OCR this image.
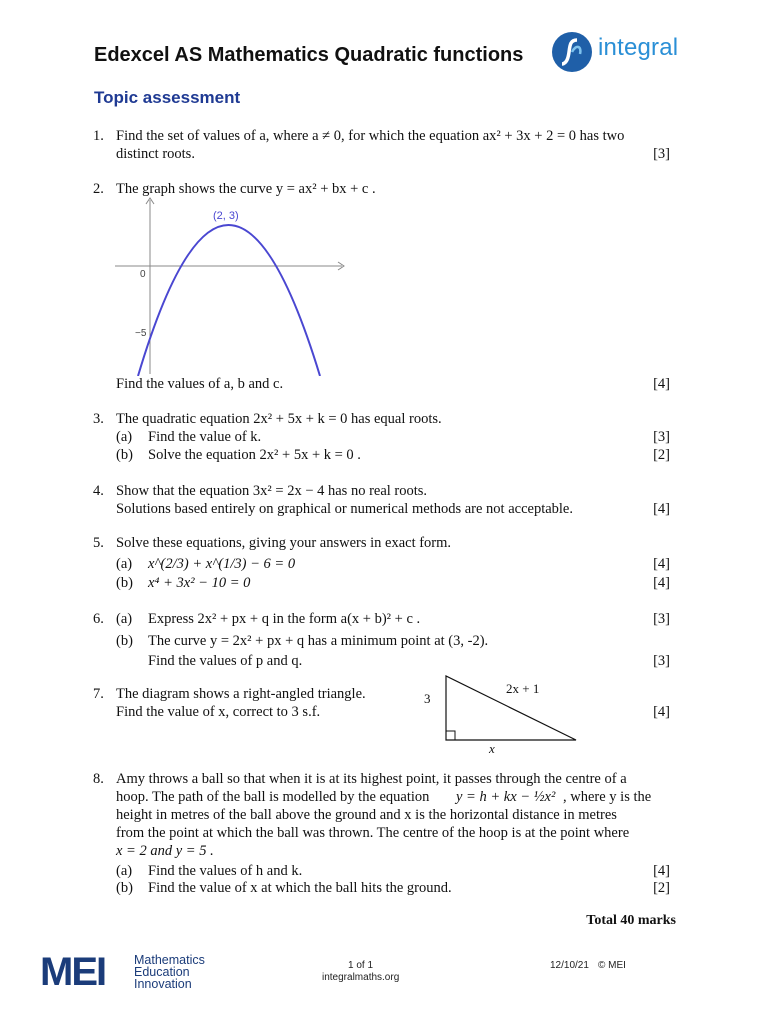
Edexcel AS Mathematics Quadratic functions
Topic assessment
integral
1. Find the set of values of a, where a ≠ 0, for which the equation ax² + 3x + 2 = 0 has two
distinct roots.	[3]
2. The graph shows the curve y = ax² + bx + c .
(2, 3)
0
−5
Find the values of a, b and c.	[4]
3. The quadratic equation 2x² + 5x + k = 0 has equal roots.
(a) Find the value of k.	[3]
(b) Solve the equation 2x² + 5x + k = 0 .	[2]
4. Show that the equation 3x² = 2x − 4 has no real roots.
Solutions based entirely on graphical or numerical methods are not acceptable.	[4]
5. Solve these equations, giving your answers in exact form.
(a) x^(2/3) + x^(1/3) − 6 = 0	[4]
(b) x⁴ + 3x² − 10 = 0	[4]
6. (a) Express 2x² + px + q in the form a(x + b)² + c .	[3]
(b) The curve y = 2x² + px + q has a minimum point at (3, -2).
Find the values of p and q.	[3]
7. The diagram shows a right-angled triangle.
Find the value of x, correct to 3 s.f.	[4]
3
2x + 1
x
8. Amy throws a ball so that when it is at its highest point, it passes through the centre of a
hoop. The path of the ball is modelled by the equation y = h + kx − ½x² , where y is the
height in metres of the ball above the ground and x is the horizontal distance in metres
from the point at which the ball was thrown. The centre of the hoop is at the point where
x = 2 and y = 5 .
(a) Find the values of h and k.	[4]
(b) Find the value of x at which the ball hits the ground.	[2]
Total 40 marks
MEI Mathematics
Education
Innovation
1 of 1
integralmaths.org
12/10/21 © MEI
